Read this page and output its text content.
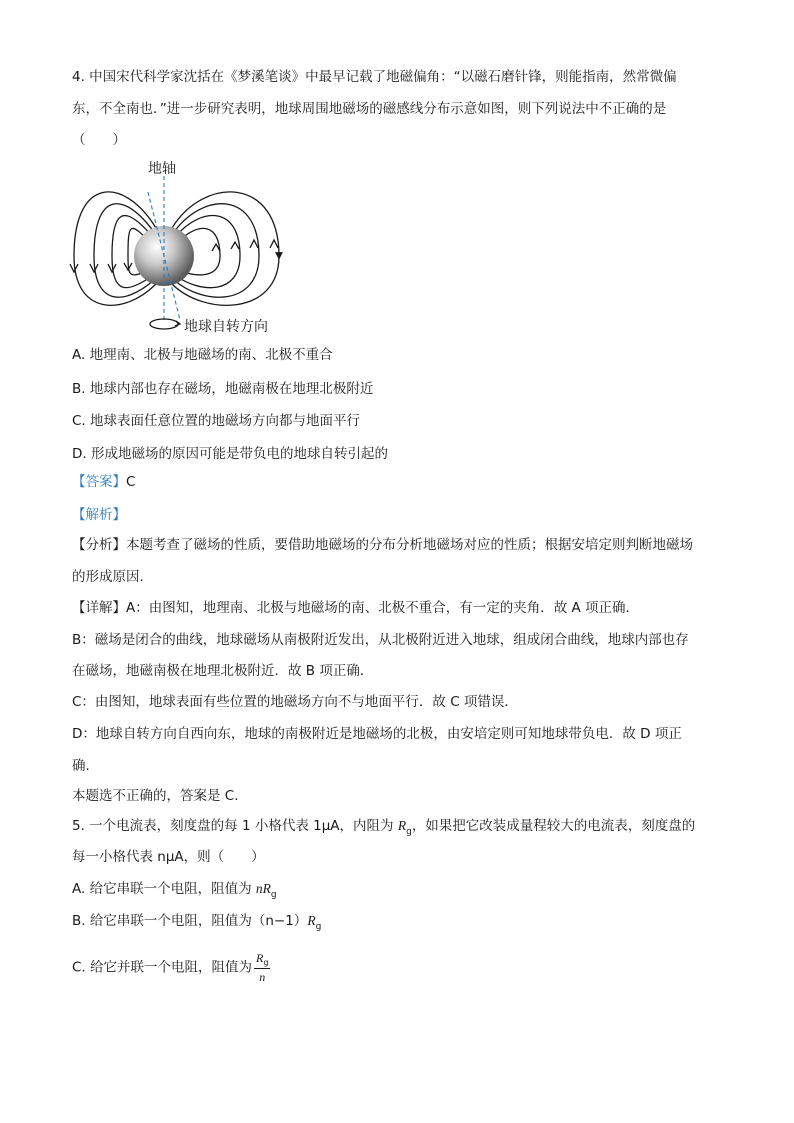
4. 中国宋代科学家沈括在《梦溪笔谈》中最早记载了地磁偏角：“以磁石磨针锋，则能指南，然常微偏
东，不全南也．”进一步研究表明，地球周围地磁场的磁感线分布示意如图，则下列说法中不正确的是
（　　）
地轴
地球自转方向
A. 地理南、北极与地磁场的南、北极不重合
B. 地球内部也存在磁场，地磁南极在地理北极附近
C. 地球表面任意位置的地磁场方向都与地面平行
D. 形成地磁场的原因可能是带负电的地球自转引起的
【答案】C
【解析】
【分析】本题考查了磁场的性质，要借助地磁场的分布分析地磁场对应的性质；根据安培定则判断地磁场
的形成原因．
【详解】A：由图知，地理南、北极与地磁场的南、北极不重合，有一定的夹角．故 A 项正确．
B：磁场是闭合的曲线，地球磁场从南极附近发出，从北极附近进入地球，组成闭合曲线，地球内部也存
在磁场，地磁南极在地理北极附近．故 B 项正确．
C：由图知，地球表面有些位置的地磁场方向不与地面平行．故 C 项错误．
D：地球自转方向自西向东，地球的南极附近是地磁场的北极，由安培定则可知地球带负电．故 D 项正
确．
本题选不正确的，答案是 C.
5. 一个电流表，刻度盘的每 1 小格代表 1μA，内阻为 $R_g$，如果把它改装成量程较大的电流表，刻度盘的
每一小格代表 nμA，则（　　）
A. 给它串联一个电阻，阻值为 $nR_g$
B. 给它串联一个电阻，阻值为$(n-1)R_g$
C. 给它并联一个电阻，阻值为 $\frac{R_g}{n}$
